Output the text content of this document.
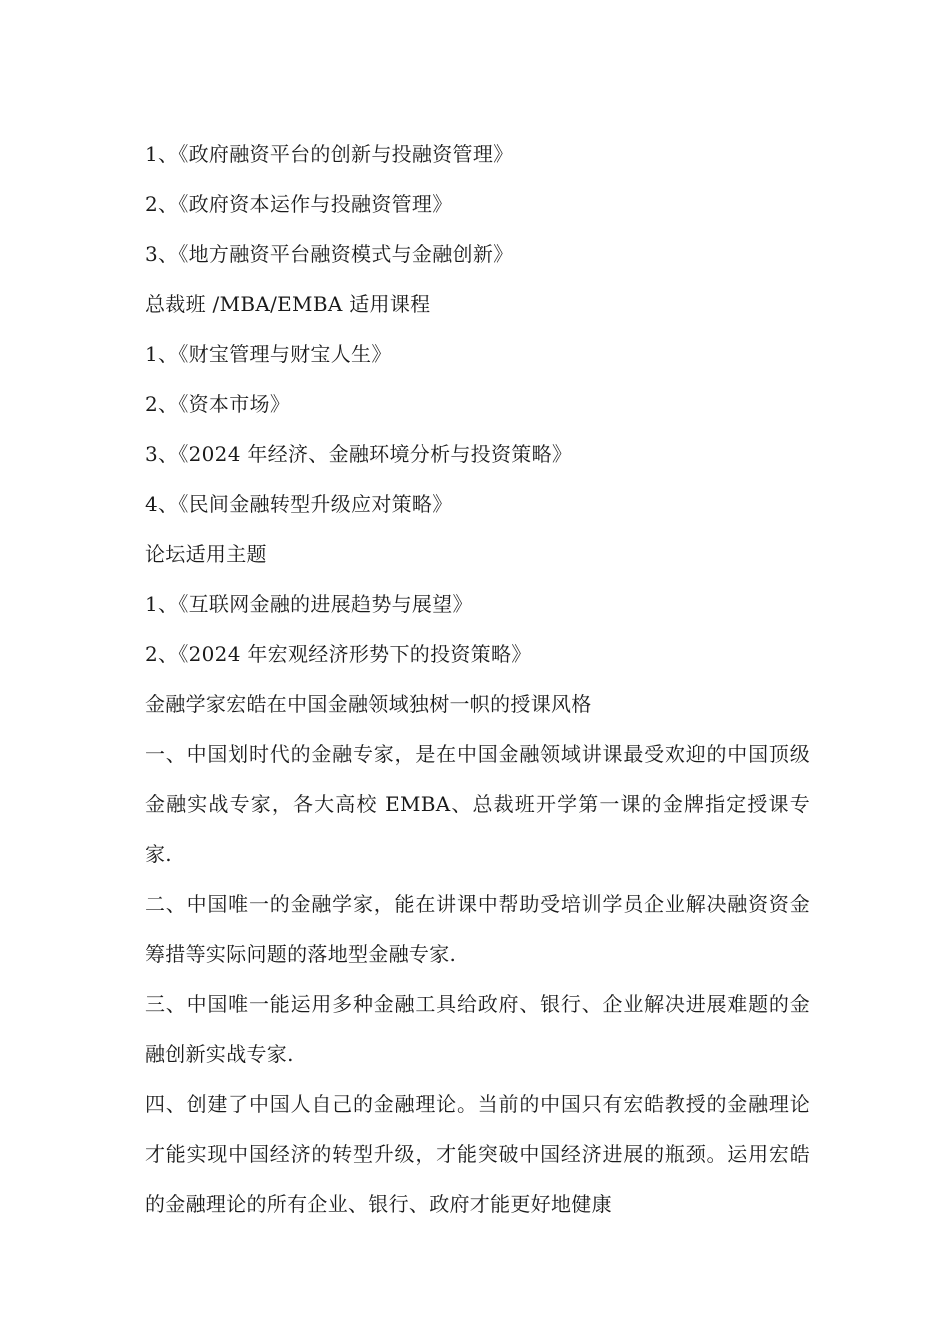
1、《政府融资平台的创新与投融资管理》
2、《政府资本运作与投融资管理》
3、《地方融资平台融资模式与金融创新》
总裁班 /MBA/EMBA 适用课程
1、《财宝管理与财宝人生》
2、《资本市场》
3、《2024 年经济、金融环境分析与投资策略》
4、《民间金融转型升级应对策略》
论坛适用主题
1、《互联网金融的进展趋势与展望》
2、《2024 年宏观经济形势下的投资策略》
金融学家宏皓在中国金融领域独树一帜的授课风格
一、中国划时代的金融专家，是在中国金融领域讲课最受欢迎的中国顶级金融实战专家，各大高校 EMBA、总裁班开学第一课的金牌指定授课专家.
二、中国唯一的金融学家，能在讲课中帮助受培训学员企业解决融资资金筹措等实际问题的落地型金融专家.
三、中国唯一能运用多种金融工具给政府、银行、企业解决进展难题的金融创新实战专家.
四、创建了中国人自己的金融理论。当前的中国只有宏皓教授的金融理论才能实现中国经济的转型升级，才能突破中国经济进展的瓶颈。运用宏皓的金融理论的所有企业、银行、政府才能更好地健康
